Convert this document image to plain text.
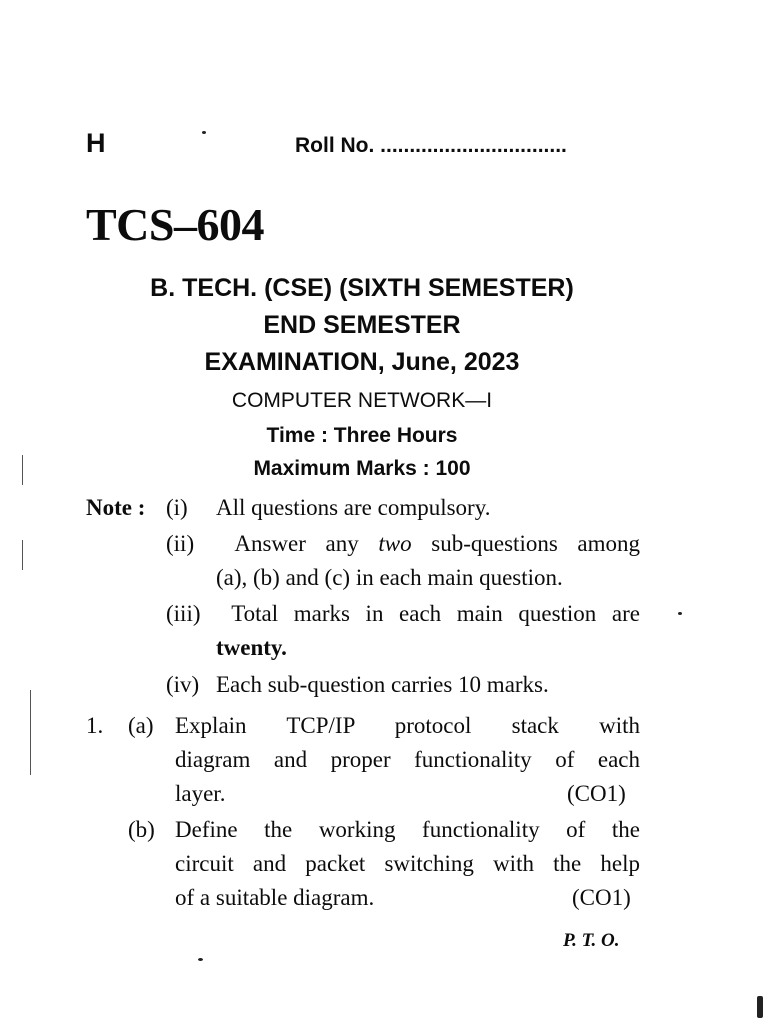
H	Roll No. ................................
TCS–604
B. TECH. (CSE) (SIXTH SEMESTER)
END SEMESTER
EXAMINATION, June, 2023
COMPUTER NETWORK—I
Time : Three Hours
Maximum Marks : 100
Note : (i) All questions are compulsory.
(ii) Answer any two sub-questions among
(a), (b) and (c) in each main question.
(iii) Total marks in each main question are
twenty.
(iv) Each sub-question carries 10 marks.
1. (a) Explain TCP/IP protocol stack with
diagram and proper functionality of each
layer.	(CO1)
(b) Define the working functionality of the
circuit and packet switching with the help
of a suitable diagram.	(CO1)
P. T. O.
